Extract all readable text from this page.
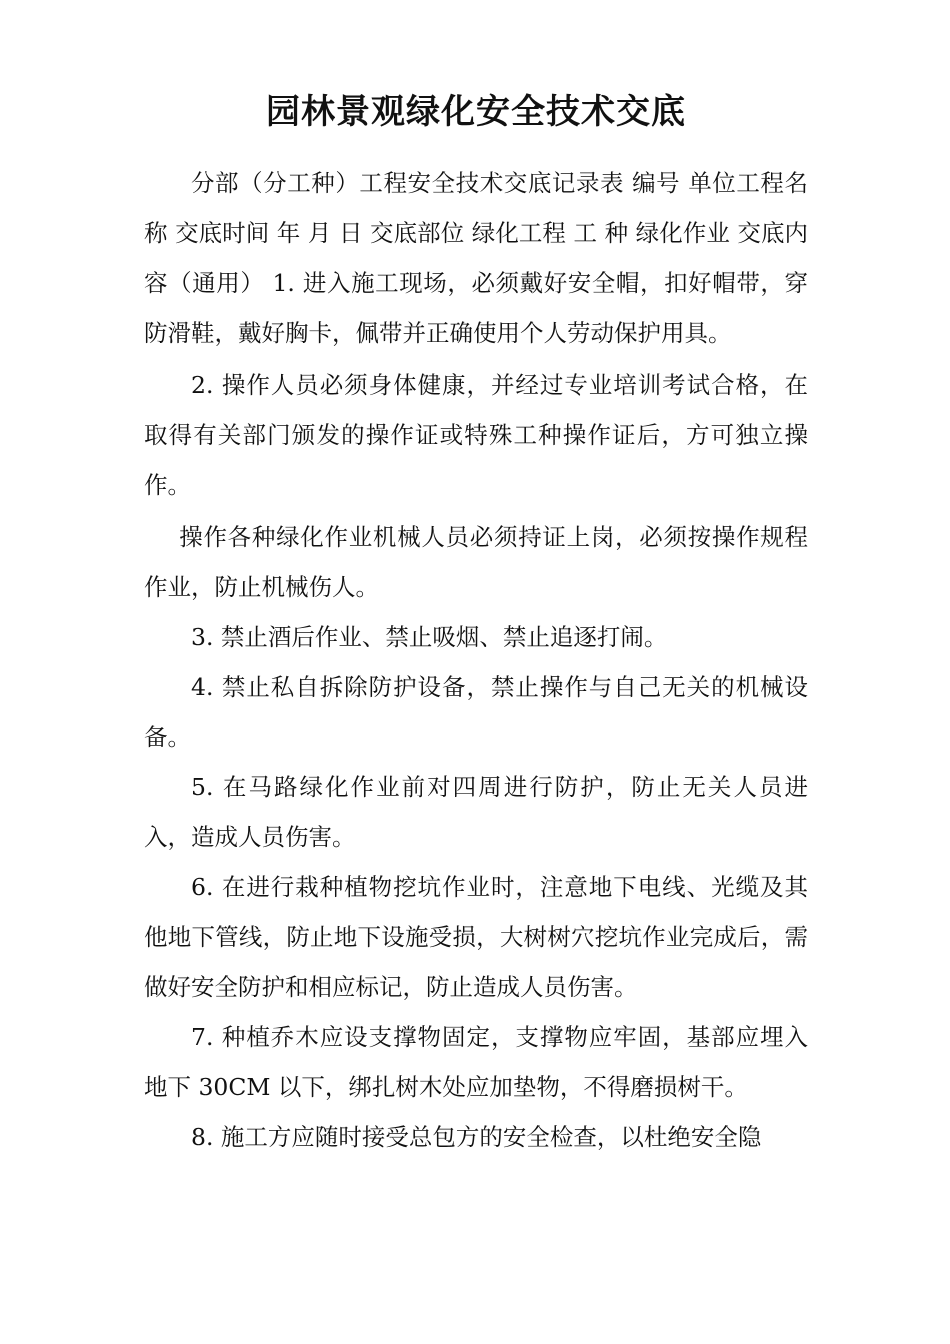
园林景观绿化安全技术交底

分部（分工种）工程安全技术交底记录表 编号 单位工程名称 交底时间 年 月 日 交底部位 绿化工程 工 种 绿化作业 交底内容（通用） 1. 进入施工现场，必须戴好安全帽，扣好帽带，穿防滑鞋，戴好胸卡，佩带并正确使用个人劳动保护用具。

2. 操作人员必须身体健康，并经过专业培训考试合格，在取得有关部门颁发的操作证或特殊工种操作证后，方可独立操作。

操作各种绿化作业机械人员必须持证上岗，必须按操作规程作业，防止机械伤人。

3. 禁止酒后作业、禁止吸烟、禁止追逐打闹。

4. 禁止私自拆除防护设备，禁止操作与自己无关的机械设备。

5. 在马路绿化作业前对四周进行防护，防止无关人员进入，造成人员伤害。

6. 在进行栽种植物挖坑作业时，注意地下电线、光缆及其他地下管线，防止地下设施受损，大树树穴挖坑作业完成后，需做好安全防护和相应标记，防止造成人员伤害。

7. 种植乔木应设支撑物固定，支撑物应牢固，基部应埋入地下 30CM 以下，绑扎树木处应加垫物，不得磨损树干。

8. 施工方应随时接受总包方的安全检查，以杜绝安全隐
